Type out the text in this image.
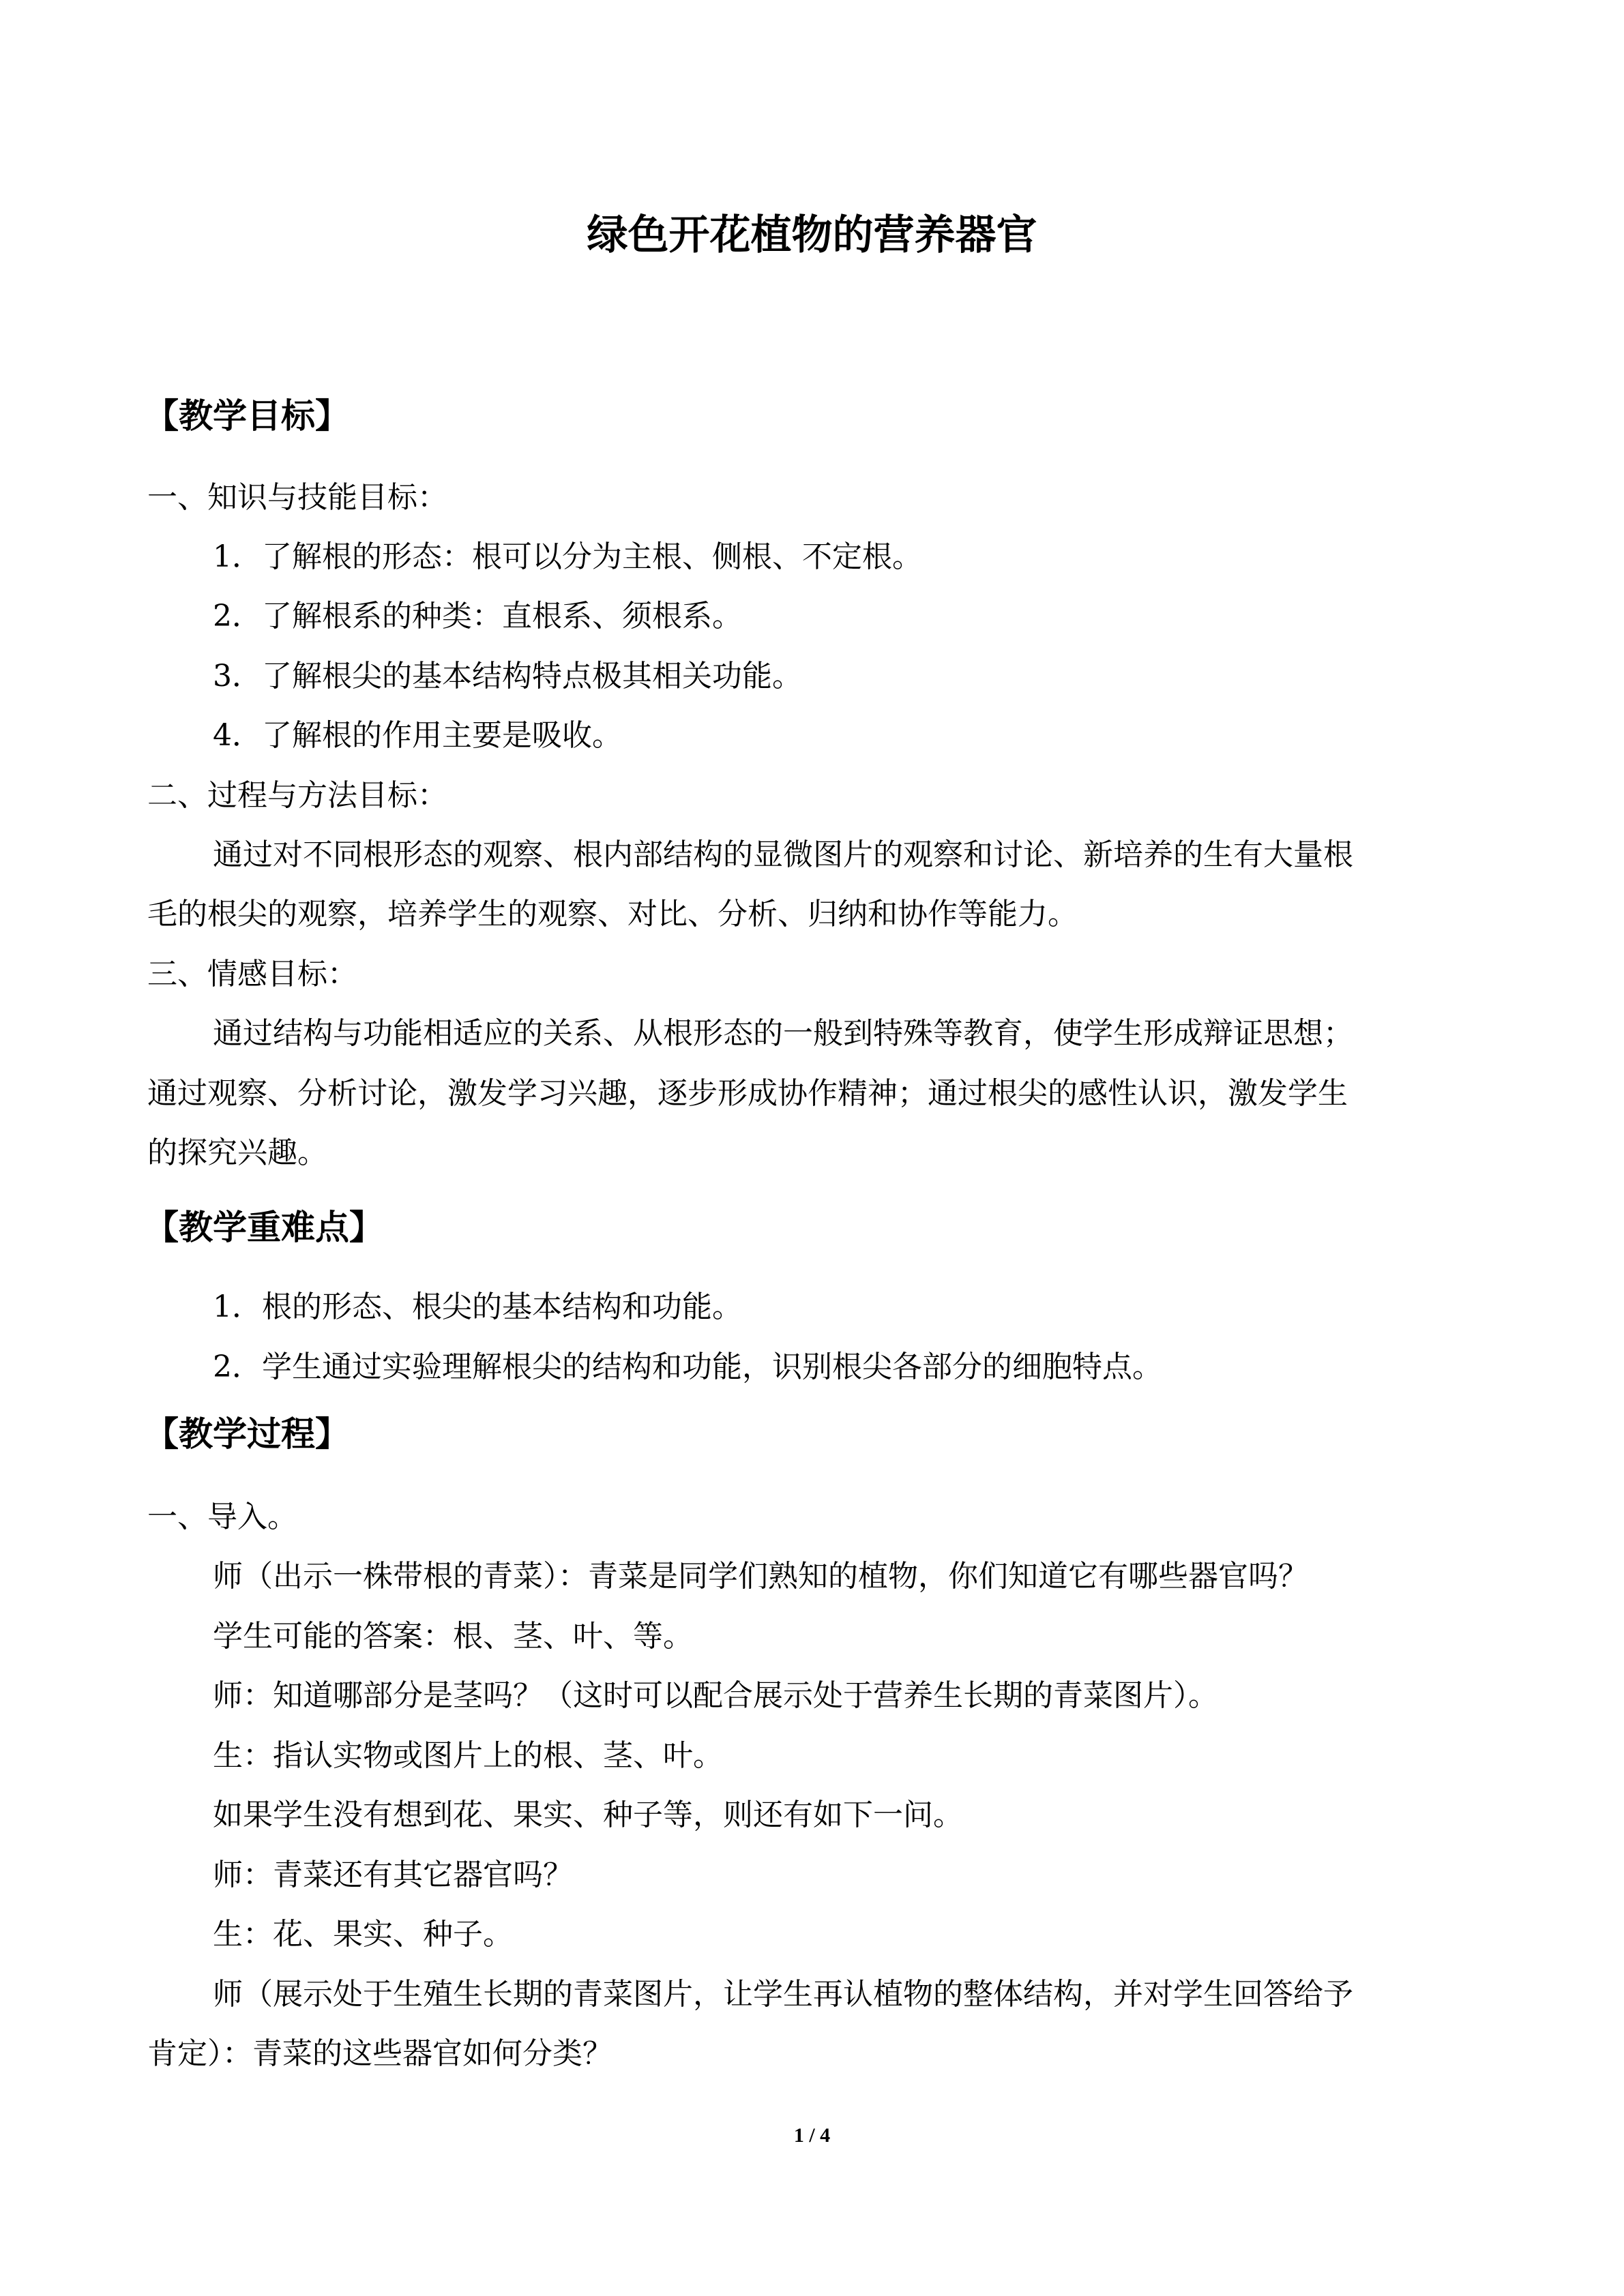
绿色开花植物的营养器官
【教学目标】

一、知识与技能目标：

1．了解根的形态：根可以分为主根、侧根、不定根。

2．了解根系的种类：直根系、须根系。

3．了解根尖的基本结构特点极其相关功能。

4．了解根的作用主要是吸收。

二、过程与方法目标：

通过对不同根形态的观察、根内部结构的显微图片的观察和讨论、新培养的生有大量根

毛的根尖的观察，培养学生的观察、对比、分析、归纳和协作等能力。

三、情感目标：

通过结构与功能相适应的关系、从根形态的一般到特殊等教育，使学生形成辩证思想；

通过观察、分析讨论，激发学习兴趣，逐步形成协作精神；通过根尖的感性认识，激发学生

的探究兴趣。

【教学重难点】

1．根的形态、根尖的基本结构和功能。

2．学生通过实验理解根尖的结构和功能，识别根尖各部分的细胞特点。

【教学过程】

一、导入。

师（出示一株带根的青菜）：青菜是同学们熟知的植物，你们知道它有哪些器官吗？

学生可能的答案：根、茎、叶、等。

师：知道哪部分是茎吗？（这时可以配合展示处于营养生长期的青菜图片）。

生：指认实物或图片上的根、茎、叶。

如果学生没有想到花、果实、种子等，则还有如下一问。

师：青菜还有其它器官吗？

生：花、果实、种子。

师（展示处于生殖生长期的青菜图片，让学生再认植物的整体结构，并对学生回答给予

肯定）：青菜的这些器官如何分类？

1 / 4
